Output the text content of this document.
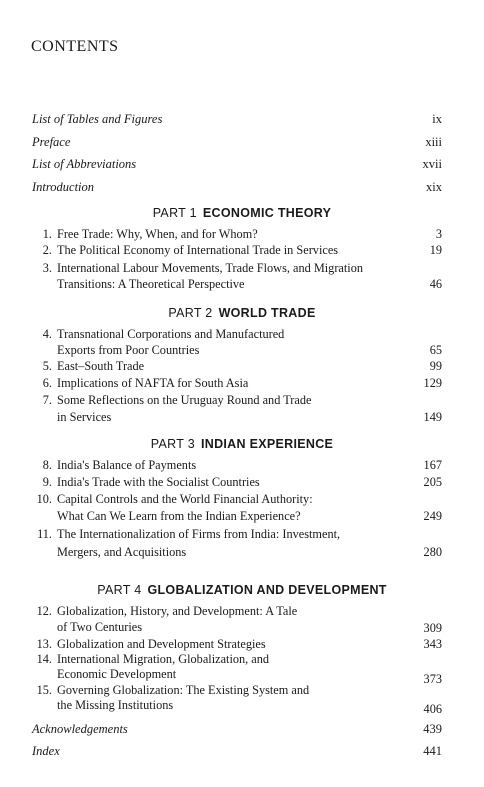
CONTENTS
List of Tables and Figures	ix
Preface	xiii
List of Abbreviations	xvii
Introduction	xix
PART 1 ECONOMIC THEORY
1. Free Trade: Why, When, and for Whom?	3
2. The Political Economy of International Trade in Services	19
3. International Labour Movements, Trade Flows, and Migration
Transitions: A Theoretical Perspective	46
PART 2 WORLD TRADE
4. Transnational Corporations and Manufactured
Exports from Poor Countries	65
5. East–South Trade	99
6. Implications of NAFTA for South Asia	129
7. Some Reflections on the Uruguay Round and Trade
in Services	149
PART 3 INDIAN EXPERIENCE
8. India's Balance of Payments	167
9. India's Trade with the Socialist Countries	205
10. Capital Controls and the World Financial Authority:
What Can We Learn from the Indian Experience?	249
11. The Internationalization of Firms from India: Investment,
Mergers, and Acquisitions	280
PART 4 GLOBALIZATION AND DEVELOPMENT
12. Globalization, History, and Development: A Tale
of Two Centuries	309
13. Globalization and Development Strategies	343
14. International Migration, Globalization, and
Economic Development	373
15. Governing Globalization: The Existing System and
the Missing Institutions	406
Acknowledgements	439
Index	441
